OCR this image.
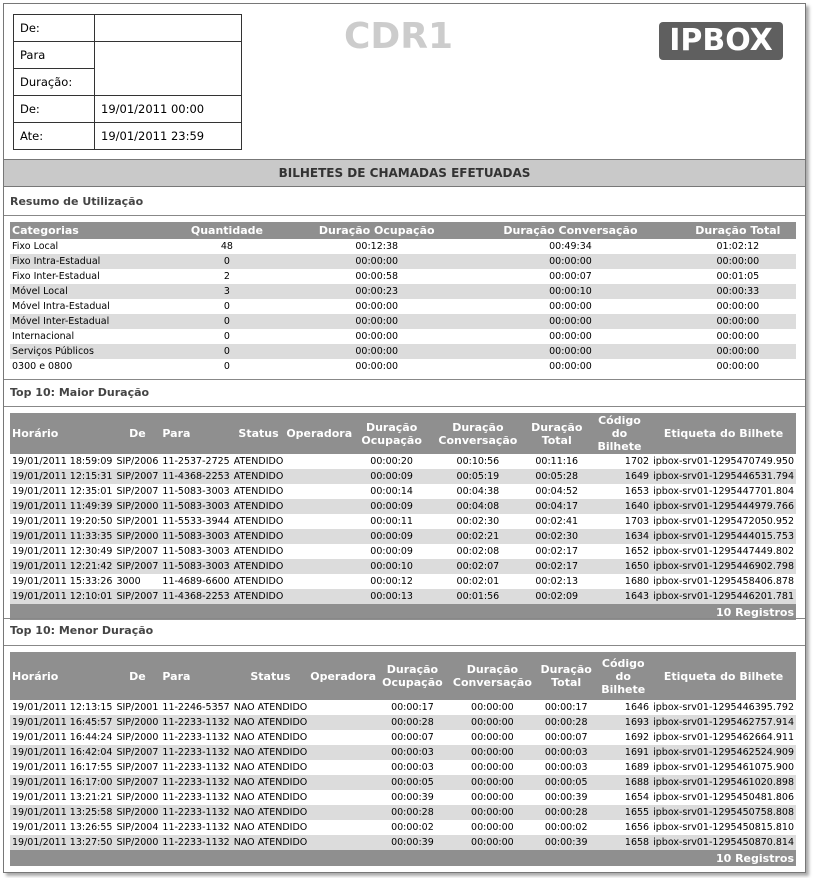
De:	
Para	
Duração:	
De:	19/01/2011 00:00
Ate:	19/01/2011 23:59
CDR1	IPBOX
BILHETES DE CHAMADAS EFETUADAS
Resumo de Utilização
Categorias	Quantidade	Duração Ocupação	Duração Conversação	Duração Total
Fixo Local	48	00:12:38	00:49:34	01:02:12
Fixo Intra-Estadual	0	00:00:00	00:00:00	00:00:00
Fixo Inter-Estadual	2	00:00:58	00:00:07	00:01:05
Móvel Local	3	00:00:23	00:00:10	00:00:33
Móvel Intra-Estadual	0	00:00:00	00:00:00	00:00:00
Móvel Inter-Estadual	0	00:00:00	00:00:00	00:00:00
Internacional	0	00:00:00	00:00:00	00:00:00
Serviços Públicos	0	00:00:00	00:00:00	00:00:00
0300 e 0800	0	00:00:00	00:00:00	00:00:00
Top 10: Maior Duração
Horário	De	Para	Status	Operadora	Duração Ocupação	Duração Conversação	Duração Total	Código do Bilhete	Etiqueta do Bilhete
19/01/2011 18:59:09	SIP/2006	11-2537-2725	ATENDIDO		00:00:20	00:10:56	00:11:16	1702	ipbox-srv01-1295470749.950
19/01/2011 12:15:31	SIP/2007	11-4368-2253	ATENDIDO		00:00:09	00:05:19	00:05:28	1649	ipbox-srv01-1295446531.794
19/01/2011 12:35:01	SIP/2007	11-5083-3003	ATENDIDO		00:00:14	00:04:38	00:04:52	1653	ipbox-srv01-1295447701.804
19/01/2011 11:49:39	SIP/2000	11-5083-3003	ATENDIDO		00:00:09	00:04:08	00:04:17	1640	ipbox-srv01-1295444979.766
19/01/2011 19:20:50	SIP/2001	11-5533-3944	ATENDIDO		00:00:11	00:02:30	00:02:41	1703	ipbox-srv01-1295472050.952
19/01/2011 11:33:35	SIP/2000	11-5083-3003	ATENDIDO		00:00:09	00:02:21	00:02:30	1634	ipbox-srv01-1295444015.753
19/01/2011 12:30:49	SIP/2007	11-5083-3003	ATENDIDO		00:00:09	00:02:08	00:02:17	1652	ipbox-srv01-1295447449.802
19/01/2011 12:21:42	SIP/2007	11-5083-3003	ATENDIDO		00:00:10	00:02:07	00:02:17	1650	ipbox-srv01-1295446902.798
19/01/2011 15:33:26	3000	11-4689-6600	ATENDIDO		00:00:12	00:02:01	00:02:13	1680	ipbox-srv01-1295458406.878
19/01/2011 12:10:01	SIP/2007	11-4368-2253	ATENDIDO		00:00:13	00:01:56	00:02:09	1643	ipbox-srv01-1295446201.781
10 Registros									
Top 10: Menor Duração
Horário	De	Para	Status	Operadora	Duração Ocupação	Duração Conversação	Duração Total	Código do Bilhete	Etiqueta do Bilhete
19/01/2011 12:13:15	SIP/2001	11-2246-5357	NAO ATENDIDO		00:00:17	00:00:00	00:00:17	1646	ipbox-srv01-1295446395.792
19/01/2011 16:45:57	SIP/2000	11-2233-1132	NAO ATENDIDO		00:00:28	00:00:00	00:00:28	1693	ipbox-srv01-1295462757.914
19/01/2011 16:44:24	SIP/2000	11-2233-1132	NAO ATENDIDO		00:00:07	00:00:00	00:00:07	1692	ipbox-srv01-1295462664.911
19/01/2011 16:42:04	SIP/2007	11-2233-1132	NAO ATENDIDO		00:00:03	00:00:00	00:00:03	1691	ipbox-srv01-1295462524.909
19/01/2011 16:17:55	SIP/2007	11-2233-1132	NAO ATENDIDO		00:00:03	00:00:00	00:00:03	1689	ipbox-srv01-1295461075.900
19/01/2011 16:17:00	SIP/2007	11-2233-1132	NAO ATENDIDO		00:00:05	00:00:00	00:00:05	1688	ipbox-srv01-1295461020.898
19/01/2011 13:21:21	SIP/2000	11-2233-1132	NAO ATENDIDO		00:00:39	00:00:00	00:00:39	1654	ipbox-srv01-1295450481.806
19/01/2011 13:25:58	SIP/2000	11-2233-1132	NAO ATENDIDO		00:00:28	00:00:00	00:00:28	1655	ipbox-srv01-1295450758.808
19/01/2011 13:26:55	SIP/2004	11-2233-1132	NAO ATENDIDO		00:00:02	00:00:00	00:00:02	1656	ipbox-srv01-1295450815.810
19/01/2011 13:27:50	SIP/2000	11-2233-1132	NAO ATENDIDO		00:00:39	00:00:00	00:00:39	1658	ipbox-srv01-1295450870.814
10 Registros									
